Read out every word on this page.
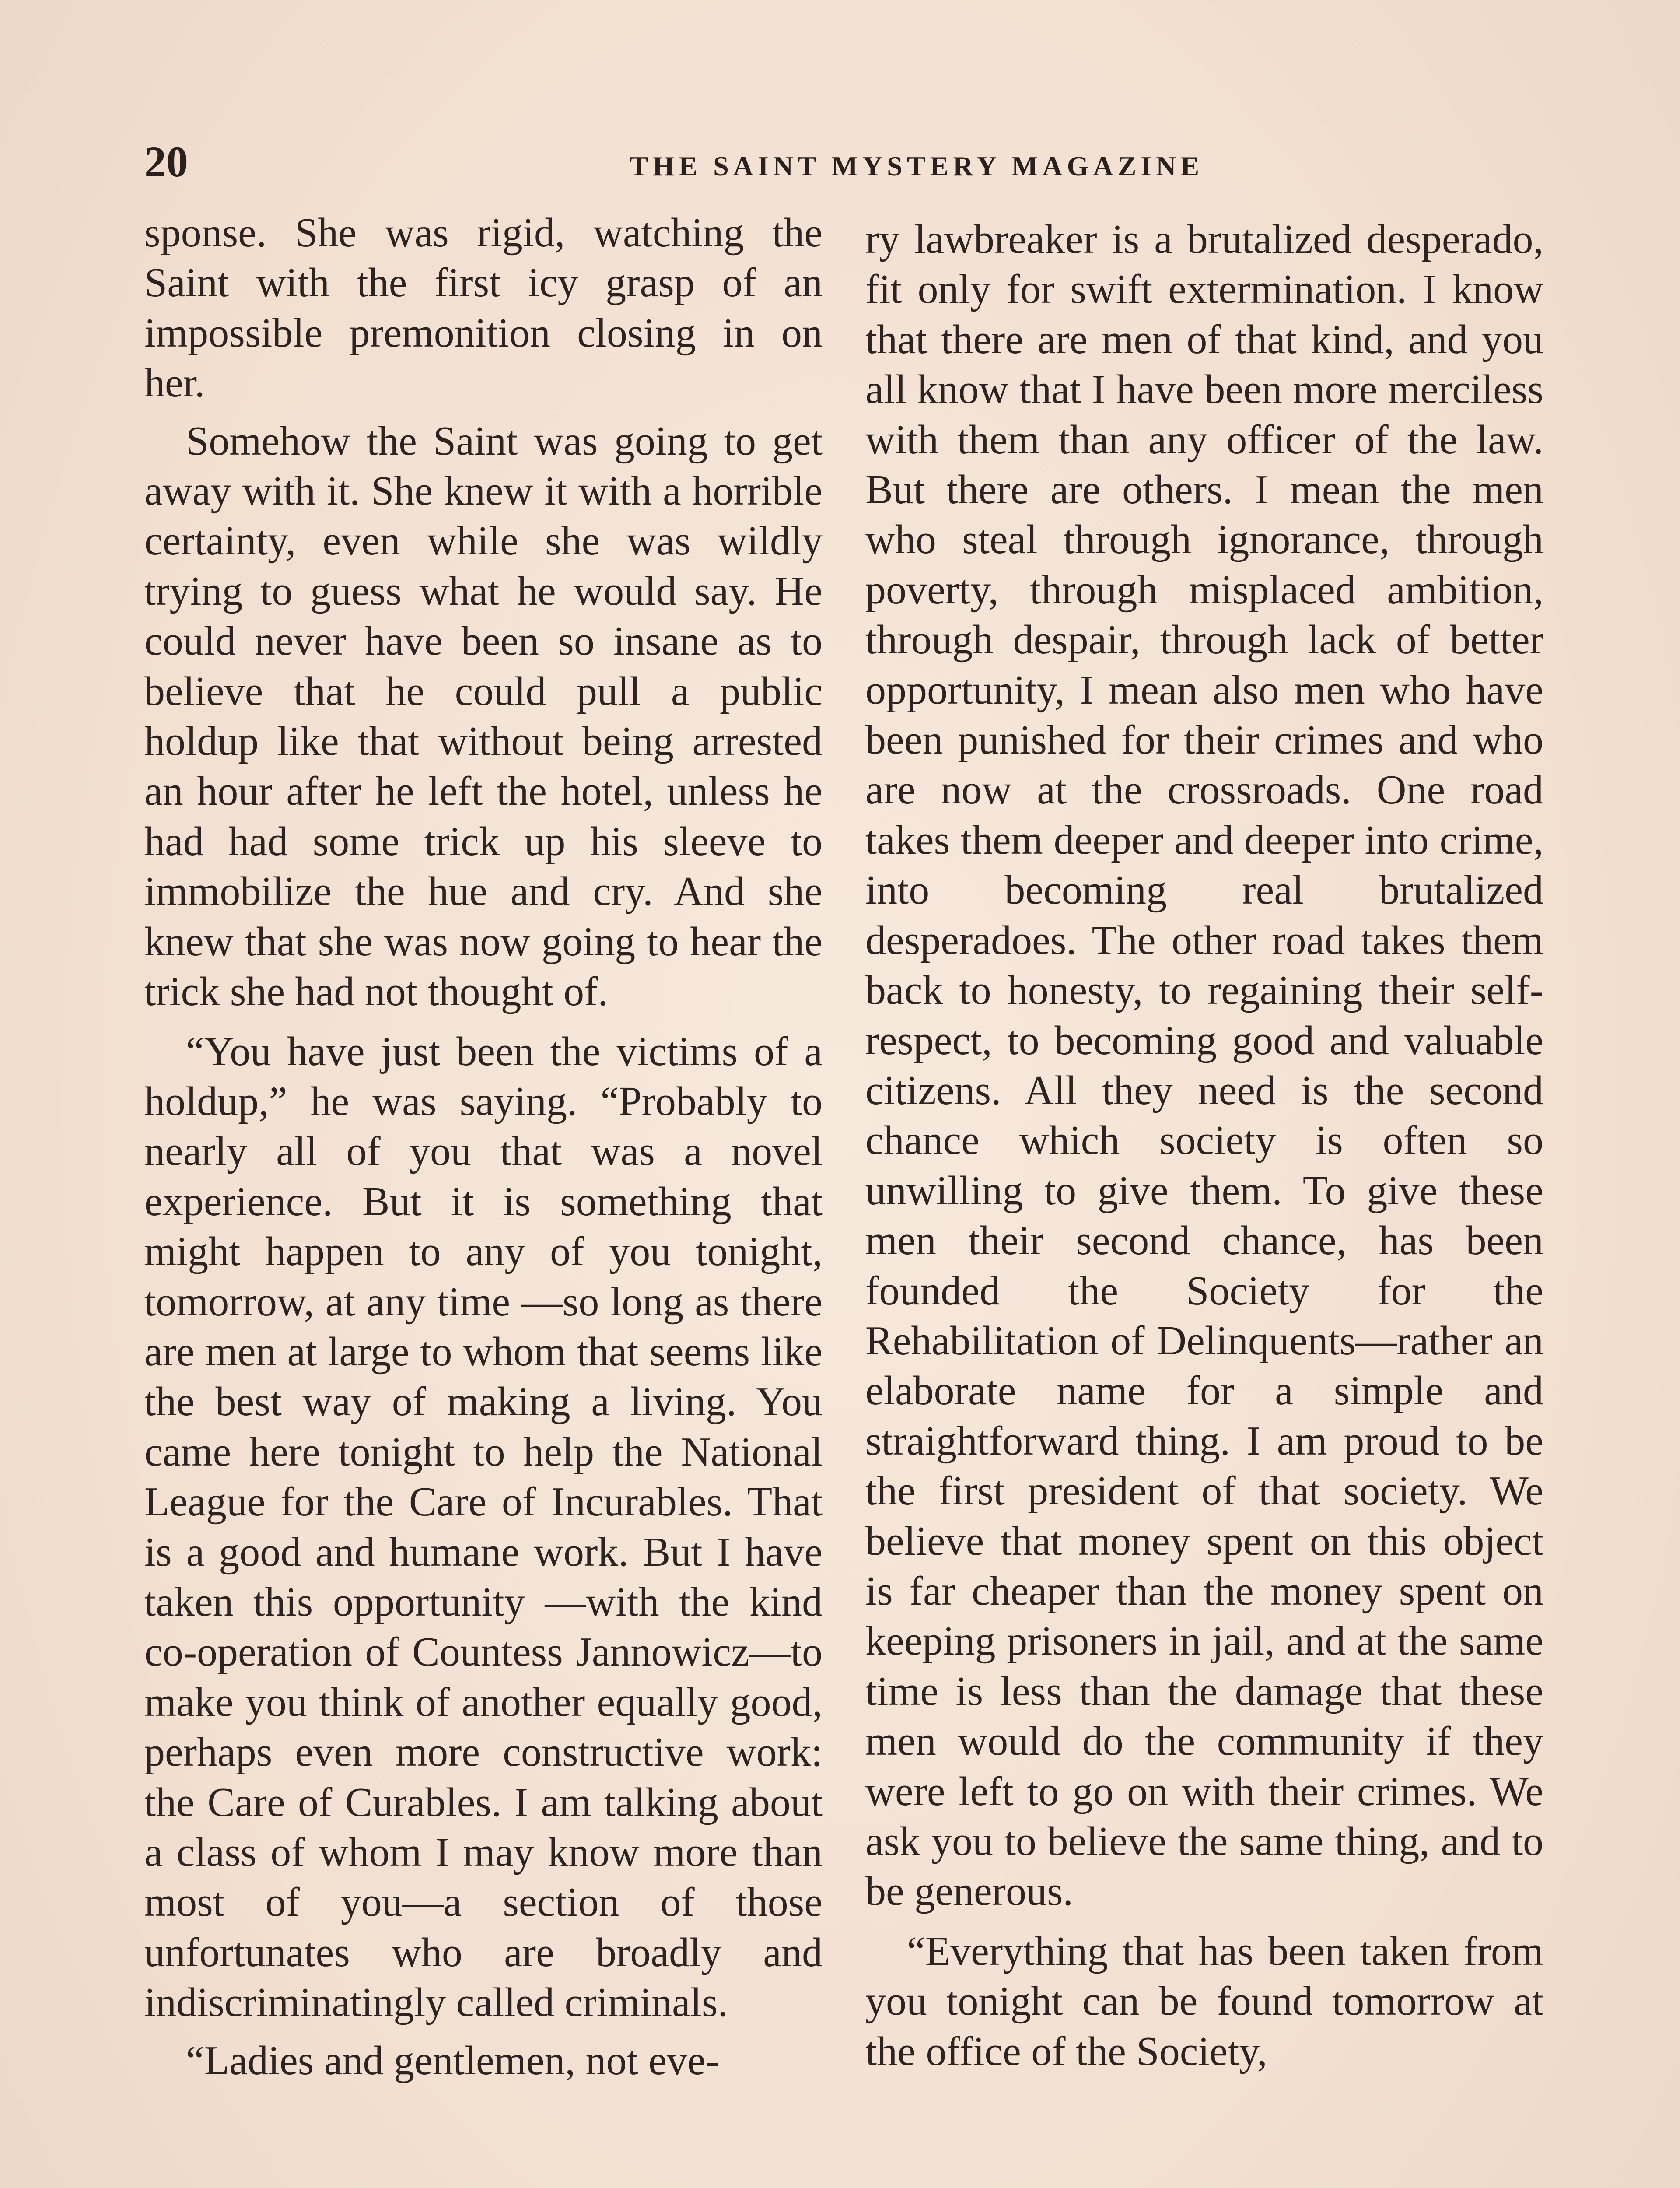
20	THE SAINT MYSTERY MAGAZINE

sponse. She was rigid, watching the Saint with the first icy grasp of an impossible premonition closing in on her.

Somehow the Saint was going to get away with it. She knew it with a horrible certainty, even while she was wildly trying to guess what he would say. He could never have been so insane as to believe that he could pull a public holdup like that without being arrested an hour after he left the hotel, unless he had had some trick up his sleeve to immobilize the hue and cry. And she knew that she was now going to hear the trick she had not thought of.

“You have just been the victims of a holdup,” he was saying. “Probably to nearly all of you that was a novel experience. But it is something that might happen to any of you tonight, tomorrow, at any time —so long as there are men at large to whom that seems like the best way of making a living. You came here tonight to help the National League for the Care of Incurables. That is a good and humane work. But I have taken this opportunity —with the kind co-operation of Countess Jannowicz—to make you think of another equally good, perhaps even more constructive work: the Care of Curables. I am talking about a class of whom I may know more than most of you—a section of those unfortunates who are broadly and indiscriminatingly called criminals.

“Ladies and gentlemen, not eve-

ry lawbreaker is a brutalized desperado, fit only for swift extermination. I know that there are men of that kind, and you all know that I have been more merciless with them than any officer of the law. But there are others. I mean the men who steal through ignorance, through poverty, through misplaced ambition, through despair, through lack of better opportunity, I mean also men who have been punished for their crimes and who are now at the crossroads. One road takes them deeper and deeper into crime, into becoming real brutalized desperadoes. The other road takes them back to honesty, to regaining their self-respect, to becoming good and valuable citizens. All they need is the second chance which society is often so unwilling to give them. To give these men their second chance, has been founded the Society for the Rehabilitation of Delinquents—rather an elaborate name for a simple and straightforward thing. I am proud to be the first president of that society. We believe that money spent on this object is far cheaper than the money spent on keeping prisoners in jail, and at the same time is less than the damage that these men would do the community if they were left to go on with their crimes. We ask you to believe the same thing, and to be generous.

“Everything that has been taken from you tonight can be found tomorrow at the office of the Society,
